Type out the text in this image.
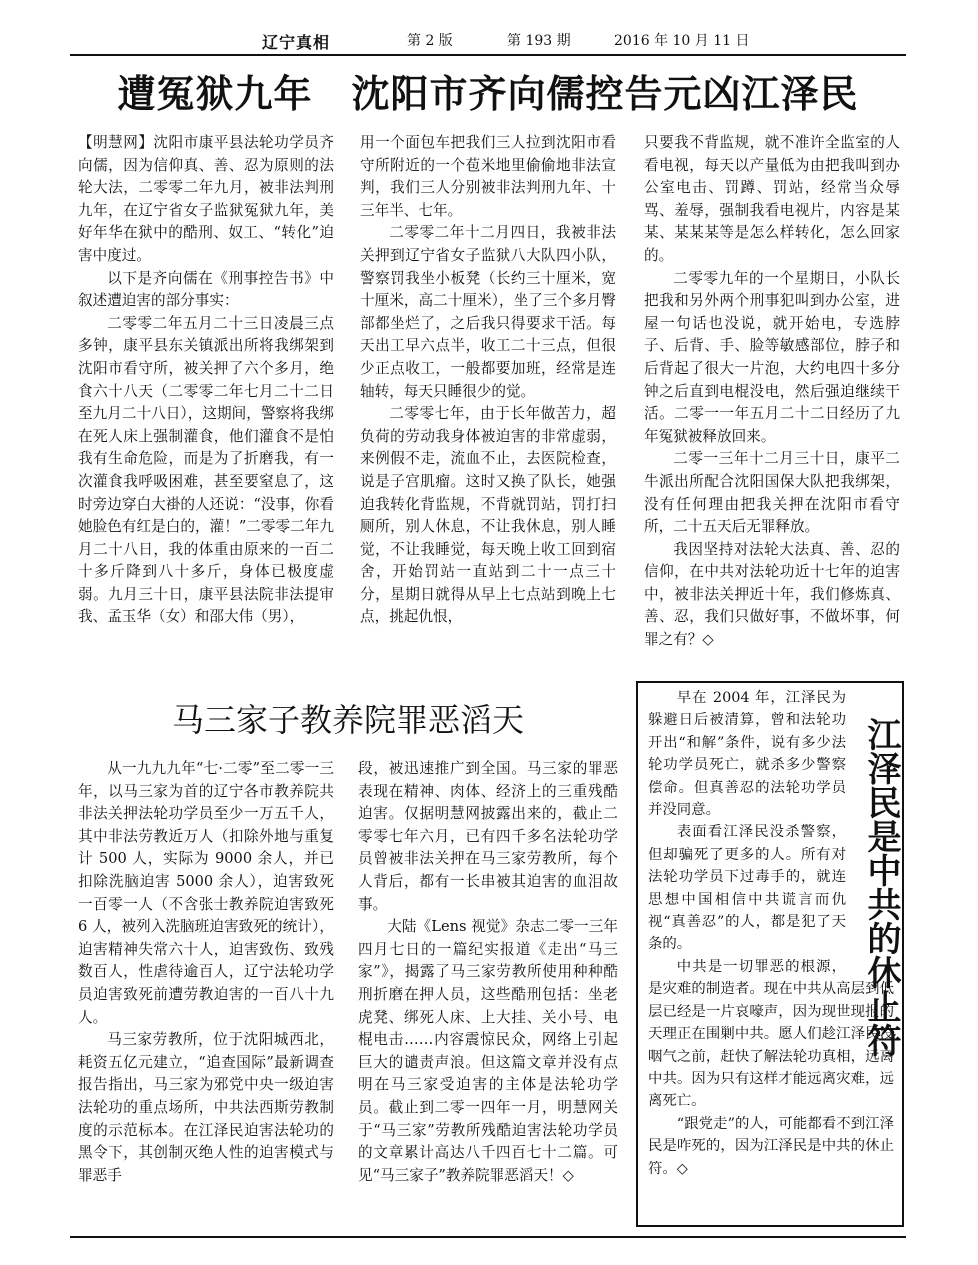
辽宁真相	第 2 版	第 193 期	2016 年 10 月 11 日
遭冤狱九年　沈阳市齐向儒控告元凶江泽民

【明慧网】沈阳市康平县法轮功学员齐向儒，因为信仰真、善、忍为原则的法轮大法，二零零二年九月，被非法判刑九年，在辽宁省女子监狱冤狱九年，美好年华在狱中的酷刑、奴工、“转化”迫害中度过。

以下是齐向儒在《刑事控告书》中叙述遭迫害的部分事实：

二零零二年五月二十三日凌晨三点多钟，康平县东关镇派出所将我绑架到沈阳市看守所，被关押了六个多月，绝食六十八天（二零零二年七月二十二日至九月二十八日），这期间，警察将我绑在死人床上强制灌食，他们灌食不是怕我有生命危险，而是为了折磨我，有一次灌食我呼吸困难，甚至要窒息了，这时旁边穿白大褂的人还说：“没事，你看她脸色有红是白的，灌！”二零零二年九月二十八日，我的体重由原来的一百二十多斤降到八十多斤，身体已极度虚弱。九月三十日，康平县法院非法提审我、孟玉华（女）和邵大伟（男），

用一个面包车把我们三人拉到沈阳市看守所附近的一个苞米地里偷偷地非法宣判，我们三人分别被非法判刑九年、十三年半、七年。

二零零二年十二月四日，我被非法关押到辽宁省女子监狱八大队四小队，警察罚我坐小板凳（长约三十厘米，宽十厘米，高二十厘米），坐了三个多月臀部都坐烂了，之后我只得要求干活。每天出工早六点半，收工二十三点，但很少正点收工，一般都要加班，经常是连轴转，每天只睡很少的觉。

二零零七年，由于长年做苦力，超负荷的劳动我身体被迫害的非常虚弱，来例假不走，流血不止，去医院检查，说是子宫肌瘤。这时又换了队长，她强迫我转化背监规，不背就罚站，罚打扫厕所，别人休息，不让我休息，别人睡觉，不让我睡觉，每天晚上收工回到宿舍，开始罚站一直站到二十一点三十分，星期日就得从早上七点站到晚上七点，挑起仇恨，

只要我不背监规，就不准许全监室的人看电视，每天以产量低为由把我叫到办公室电击、罚蹲、罚站，经常当众辱骂、羞辱，强制我看电视片，内容是某某、某某某等是怎么样转化，怎么回家的。

二零零九年的一个星期日，小队长把我和另外两个刑事犯叫到办公室，进屋一句话也没说，就开始电，专选脖子、后背、手、脸等敏感部位，脖子和后背起了很大一片泡，大约电四十多分钟之后直到电棍没电，然后强迫继续干活。二零一一年五月二十二日经历了九年冤狱被释放回来。

二零一三年十二月三十日，康平二牛派出所配合沈阳国保大队把我绑架，没有任何理由把我关押在沈阳市看守所，二十五天后无罪释放。

我因坚持对法轮大法真、善、忍的信仰，在中共对法轮功近十七年的迫害中，被非法关押近十年，我们修炼真、善、忍，我们只做好事，不做坏事，何罪之有？◇

马三家子教养院罪恶滔天

从一九九九年“七·二零”至二零一三年，以马三家为首的辽宁各市教养院共非法关押法轮功学员至少一万五千人，其中非法劳教近万人（扣除外地与重复计 500 人，实际为 9000 余人，并已扣除洗脑迫害 5000 余人），迫害致死一百零一人（不含张士教养院迫害致死 6 人，被列入洗脑班迫害致死的统计），迫害精神失常六十人，迫害致伤、致残数百人，性虐待逾百人，辽宁法轮功学员迫害致死前遭劳教迫害的一百八十九人。

马三家劳教所，位于沈阳城西北，耗资五亿元建立，“追查国际”最新调查报告指出，马三家为邪党中央一级迫害法轮功的重点场所，中共法西斯劳教制度的示范标本。在江泽民迫害法轮功的黑令下，其创制灭绝人性的迫害模式与罪恶手

段，被迅速推广到全国。马三家的罪恶表现在精神、肉体、经济上的三重残酷迫害。仅据明慧网披露出来的，截止二零零七年六月，已有四千多名法轮功学员曾被非法关押在马三家劳教所，每个人背后，都有一长串被其迫害的血泪故事。

大陆《Lens 视觉》杂志二零一三年四月七日的一篇纪实报道《走出“马三家”》，揭露了马三家劳教所使用种种酷刑折磨在押人员，这些酷刑包括：坐老虎凳、绑死人床、上大挂、关小号、电棍电击……内容震惊民众，网络上引起巨大的谴责声浪。但这篇文章并没有点明在马三家受迫害的主体是法轮功学员。截止到二零一四年一月，明慧网关于“马三家”劳教所残酷迫害法轮功学员的文章累计高达八千四百七十二篇。可见“马三家子”教养院罪恶滔天！◇

早在 2004 年，江泽民为躲避日后被清算，曾和法轮功开出“和解”条件，说有多少法轮功学员死亡，就杀多少警察偿命。但真善忍的法轮功学员并没同意。

表面看江泽民没杀警察，但却骗死了更多的人。所有对法轮功学员下过毒手的，就连思想中国相信中共谎言而仇视“真善忍”的人，都是犯了天条的。

中共是一切罪恶的根源，是灾难的制造者。现在中共从高层到低层已经是一片哀嚎声，因为现世现报的天理正在围剿中共。愿人们趁江泽民没咽气之前，赶快了解法轮功真相，远离中共。因为只有这样才能远离灾难，远离死亡。

“跟党走”的人，可能都看不到江泽民是咋死的，因为江泽民是中共的休止符。◇

江泽民是中共的休止符
